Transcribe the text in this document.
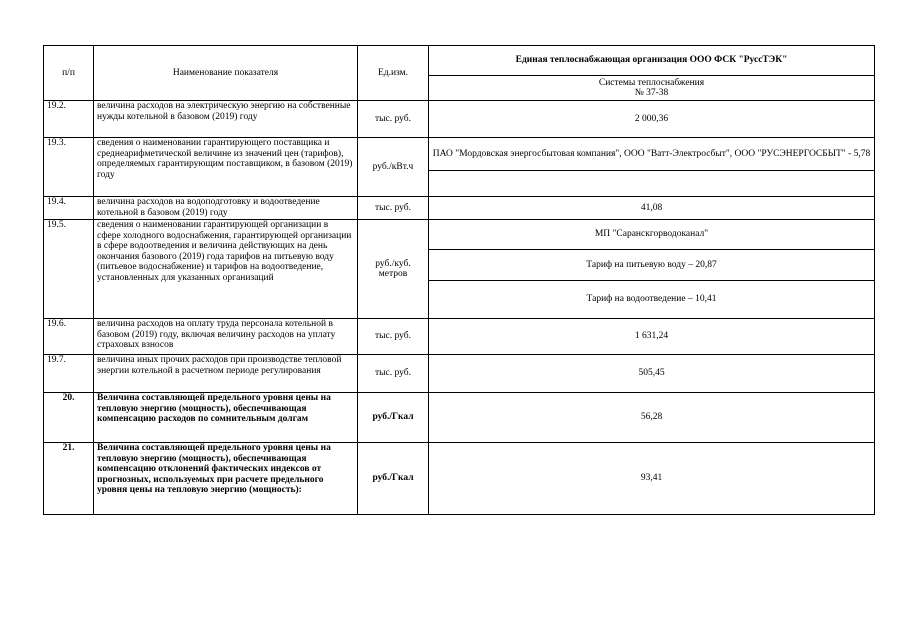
п/п	Наименование показателя	Ед.изм.	Единая теплоснабжающая организация ООО ФСК "РуссТЭК"

			Системы теплоснабжения
№ 37-38

19.2.	величина расходов на электрическую энергию на собственные нужды котельной в базовом (2019) году	тыс. руб.	2 000,36
19.3.	сведения о наименовании гарантирующего поставщика и среднеарифметической величине из значений цен (тарифов), определяемых гарантирующим поставщиком, в базовом (2019) году	руб./кВт.ч	ПАО "Мордовская энергосбытовая компания", ООО "Ватт-Электросбыт", ООО "РУСЭНЕРГОСБЫТ" - 5,78

19.4.	величина расходов на водоподготовку и водоотведение котельной в базовом (2019) году	тыс. руб.	41,08
19.5.	сведения о наименовании гарантирующей организации в сфере холодного водоснабжения, гарантирующей организации в сфере водоотведения и величина действующих на день окончания базового (2019) года тарифов на питьевую воду (питьевое водоснабжение) и тарифов на водоотведение, установленных для указанных организаций	руб./куб. метров	МП "Саранскгорводоканал"
			Тариф на питьевую воду – 20,87
			Тариф на водоотведение – 10,41
19.6.	величина расходов на оплату труда персонала котельной в базовом (2019) году, включая величину расходов на уплату страховых взносов	тыс. руб.	1 631,24
19.7.	величина иных прочих расходов при производстве тепловой энергии котельной в расчетном периоде регулирования	тыс. руб.	505,45
20.	Величина составляющей предельного уровня цены на тепловую энергию (мощность), обеспечивающая компенсацию расходов по сомнительным долгам	руб./Гкал	56,28
21.	Величина составляющей предельного уровня цены на тепловую энергию (мощность), обеспечивающая компенсацию отклонений фактических индексов от прогнозных, используемых при расчете предельного уровня цены на тепловую энергию (мощность):	руб./Гкал	93,41
